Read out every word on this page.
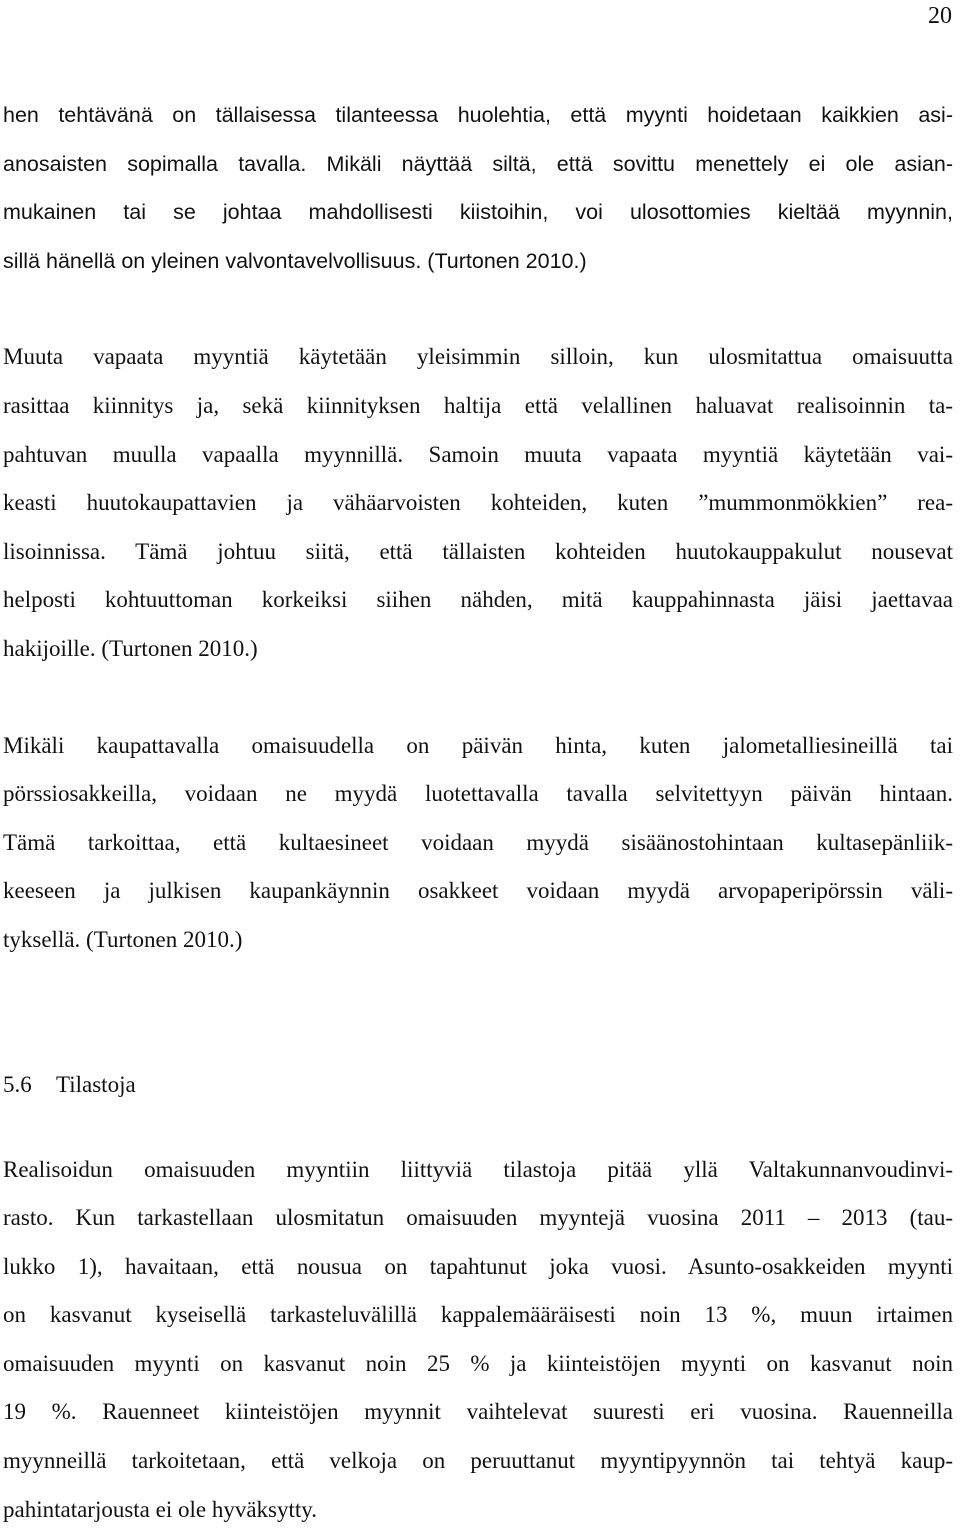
20
hen tehtävänä on tällaisessa tilanteessa huolehtia, että myynti hoidetaan kaikkien asi-
anosaisten sopimalla tavalla. Mikäli näyttää siltä, että sovittu menettely ei ole asian-
mukainen tai se johtaa mahdollisesti kiistoihin, voi ulosottomies kieltää myynnin,
sillä hänellä on yleinen valvontavelvollisuus. (Turtonen 2010.)
Muuta vapaata myyntiä käytetään yleisimmin silloin, kun ulosmitattua omaisuutta
rasittaa kiinnitys ja, sekä kiinnityksen haltija että velallinen haluavat realisoinnin ta-
pahtuvan muulla vapaalla myynnillä. Samoin muuta vapaata myyntiä käytetään vai-
keasti huutokaupattavien ja vähäarvoisten kohteiden, kuten ”mummonmökkien” rea-
lisoinnissa. Tämä johtuu siitä, että tällaisten kohteiden huutokauppakulut nousevat
helposti kohtuuttoman korkeiksi siihen nähden, mitä kauppahinnasta jäisi jaettavaa
hakijoille. (Turtonen 2010.)
Mikäli kaupattavalla omaisuudella on päivän hinta, kuten jalometalliesineillä tai
pörssiosakkeilla, voidaan ne myydä luotettavalla tavalla selvitettyyn päivän hintaan.
Tämä tarkoittaa, että kultaesineet voidaan myydä sisäänostohintaan kultasepänliik-
keeseen ja julkisen kaupankäynnin osakkeet voidaan myydä arvopaperipörssin väli-
tyksellä. (Turtonen 2010.)
5.6 Tilastoja
Realisoidun omaisuuden myyntiin liittyviä tilastoja pitää yllä Valtakunnanvoudinvi-
rasto. Kun tarkastellaan ulosmitatun omaisuuden myyntejä vuosina 2011 – 2013 (tau-
lukko 1), havaitaan, että nousua on tapahtunut joka vuosi. Asunto-osakkeiden myynti
on kasvanut kyseisellä tarkasteluvälillä kappalemääräisesti noin 13 %, muun irtaimen
omaisuuden myynti on kasvanut noin 25 % ja kiinteistöjen myynti on kasvanut noin
19 %. Rauenneet kiinteistöjen myynnit vaihtelevat suuresti eri vuosina. Rauenneilla
myynneillä tarkoitetaan, että velkoja on peruuttanut myyntipyynnön tai tehtyä kaup-
pahintatarjousta ei ole hyväksytty.
